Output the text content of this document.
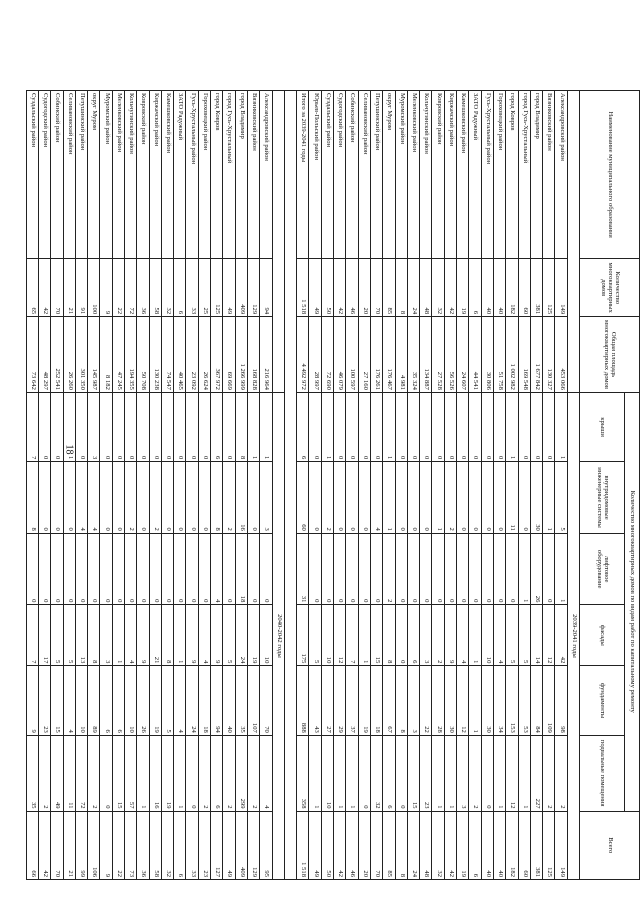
18
Наименование муниципального образования	Количество многоквартирных домов	Общая площадь многоквартирных домов	Количество многоквартирных домов по видам работ по капитальному ремонту						Всего
			крыши	внутридомовые инженерные системы	лифтовое оборудование	фасады	фундаменты	подвальные помещения	
			2039-2041 годы						
Александровский район	149	453 066	1	5	1	42	98	2	149
Вязниковский район	125	130 327	0	1	0	12	109	2	125
город Владимир	381	1 677 842	0	30	26	14	84	227	381
город Гусь-Хрустальный	60	169 548	0	0	1	5	53	1	60
город Ковров	182	1 002 982	1	11	0	5	153	12	182
Гороховецкий район	40	51 758	0	0	0	4	34	1	40
Гусь-Хрустальный район	40	30 806	0	0	0	10	30	0	40
ЗАТО Радужный	6	44 541	0	0	0	1	1	2	6
Камешковский район	19	24 607	0	0	0	4	12	3	19
Киржачский район	42	56 526	0	2	0	9	30	1	42
Ковровский район	32	27 528	0	1	0	2	28	1	32
Кольчугинский район	48	134 887	0	0	0	3	22	23	48
Меленковский район	24	35 324	0	0	0	6	3	15	24
Муромский район	8	4 981	0	0	0	0	8	0	8
округ Муром	85	176 467	1	1	2	8	67	6	85
Петушинский район	70	176 261	0	4	0	15	18	32	70
Селивановский район	20	27 160	0	0	0	1	19	0	20
Собинский район	46	100 597	0	0	0	7	37	1	46
Судогодский район	42	46 079	0	0	0	12	29	1	42
Суздальский район	50	72 690	1	2	0	10	27	10	50
Юрьев-Польский район	49	28 997	0	0	0	5	43	1	49
Итого за 2039-2041 годы	1 518	4 492 972	6	60	31	175	888	358	1 518

			2040-2042 годы						
Александровский район	94	216 964	1	3	0	10	70	4	95
Вязниковский район	129	168 828	1	0	0	19	107	2	129
город Владимир	409	1 266 999	8	16	18	24	35	299	409
город Гусь-Хрустальный	49	69 669	0	2	0	5	40	2	49
город Ковров	125	367 972	6	8	4	9	94	6	127
Гороховецкий район	25	26 624	0	0	0	4	18	2	23
Гусь-Хрустальный район	33	23 092	0	0	0	9	24	0	33
ЗАТО Радужный	6	40 465	0	0	0	1	4	1	6
Камешковский район	32	74 547	0	0	0	8	5	19	32
Киржачский район	58	130 238	0	2	0	21	19	16	58
Ковровский район	36	50 708	0	0	0	9	26	1	36
Кольчугинский район	72	194 355	0	2	0	4	10	57	73
Меленковский район	22	47 245	0	0	0	1	6	15	22
Муромский район	9	8 182	0	0	0	3	6	0	9
округ Муром	100	145 987	3	4	0	8	89	2	106
Петушинский район	91	301 350	0	4	0	13	10	72	99
Селивановский район	21	26 260	1	0	0	5	4	11	21
Собинский район	70	252 541	0	0	0	5	15	49	70
Судогодский район	42	48 297	0	0	0	17	23	2	42
Суздальский район	65	73 642	7	8	0	7	9	35	66
